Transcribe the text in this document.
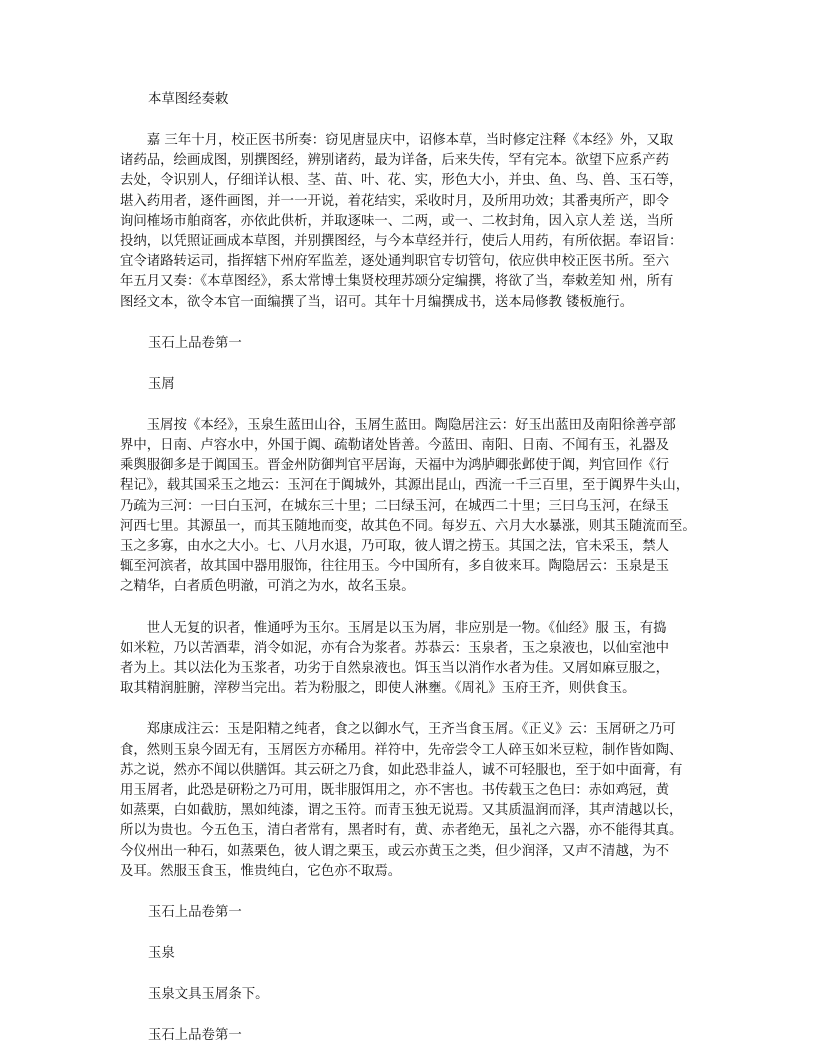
本草图经奏敕

　　嘉 三年十月，校正医书所奏：窃见唐显庆中，诏修本草，当时修定注释《本经》外，又取

诸药品，绘画成图，别撰图经，辨别诸药，最为详备，后来失传，罕有完本。欲望下应系产药

去处，令识别人，仔细详认根、茎、苗、叶、花、实，形色大小，并虫、鱼、鸟、兽、玉石等，

堪入药用者，逐件画图，并一一开说，着花结实，采收时月，及所用功效；其番夷所产，即令

询问榷场市舶商客，亦依此供析，并取逐味一、二两，或一、二枚封角，因入京人差 送，当所

投纳，以凭照证画成本草图，并别撰图经，与今本草经并行，使后人用药，有所依据。奉诏旨：

宜令诸路转运司，指挥辖下州府军监差，逐处通判职官专切管句，依应供申校正医书所。至六

年五月又奏：《本草图经》，系太常博士集贤校理苏颂分定编撰，将欲了当，奉敕差知 州，所有

图经文本，欲令本官一面编撰了当，诏可。其年十月编撰成书，送本局修教 镂板施行。

玉石上品卷第一

玉屑

　　玉屑按《本经》，玉泉生蓝田山谷，玉屑生蓝田。陶隐居注云：好玉出蓝田及南阳徐善亭部

界中，日南、卢容水中，外国于阗、疏勒诸处皆善。今蓝田、南阳、日南、不闻有玉，礼器及

乘舆服御多是于阗国玉。晋金州防御判官平居诲，天福中为鸿胪卿张邺使于阗，判官回作《行

程记》，载其国采玉之地云：玉河在于阗城外，其源出昆山，西流一千三百里，至于阗界牛头山，

乃疏为三河：一曰白玉河，在城东三十里；二曰绿玉河，在城西二十里；三曰乌玉河，在绿玉

河西七里。其源虽一，而其玉随地而变，故其色不同。每岁五、六月大水暴涨，则其玉随流而至。

玉之多寡，由水之大小。七、八月水退，乃可取，彼人谓之捞玉。其国之法，官未采玉，禁人

辄至河滨者，故其国中器用服饰，往往用玉。今中国所有，多自彼来耳。陶隐居云：玉泉是玉

之精华，白者质色明澈，可消之为水，故名玉泉。

　　世人无复的识者，惟通呼为玉尔。玉屑是以玉为屑，非应别是一物。《仙经》服 玉，有捣

如米粒，乃以苦酒辈，消令如泥，亦有合为浆者。苏恭云：玉泉者，玉之泉液也，以仙室池中

者为上。其以法化为玉浆者，功劣于自然泉液也。饵玉当以消作水者为佳。又屑如麻豆服之，

取其精润脏腑，滓秽当完出。若为粉服之，即使人淋壅。《周礼》玉府王齐，则供食玉。

　　郑康成注云：玉是阳精之纯者，食之以御水气，王齐当食玉屑。《正义》云：玉屑研之乃可

食，然则玉泉今固无有，玉屑医方亦稀用。祥符中，先帝尝令工人碎玉如米豆粒，制作皆如陶、

苏之说，然亦不闻以供膳饵。其云研之乃食，如此恐非益人，诚不可轻服也，至于如中面膏，有

用玉屑者，此恐是研粉之乃可用，既非服饵用之，亦不害也。书传载玉之色曰：赤如鸡冠，黄

如蒸栗，白如截肪，黑如纯漆，谓之玉符。而青玉独无说焉。又其质温润而泽，其声清越以长，

所以为贵也。今五色玉，清白者常有，黑者时有，黄、赤者绝无，虽礼之六器，亦不能得其真。

今仪州出一种石，如蒸栗色，彼人谓之栗玉，或云亦黄玉之类，但少润泽，又声不清越，为不

及耳。然服玉食玉，惟贵纯白，它色亦不取焉。

玉石上品卷第一

玉泉

玉泉文具玉屑条下。

玉石上品卷第一
